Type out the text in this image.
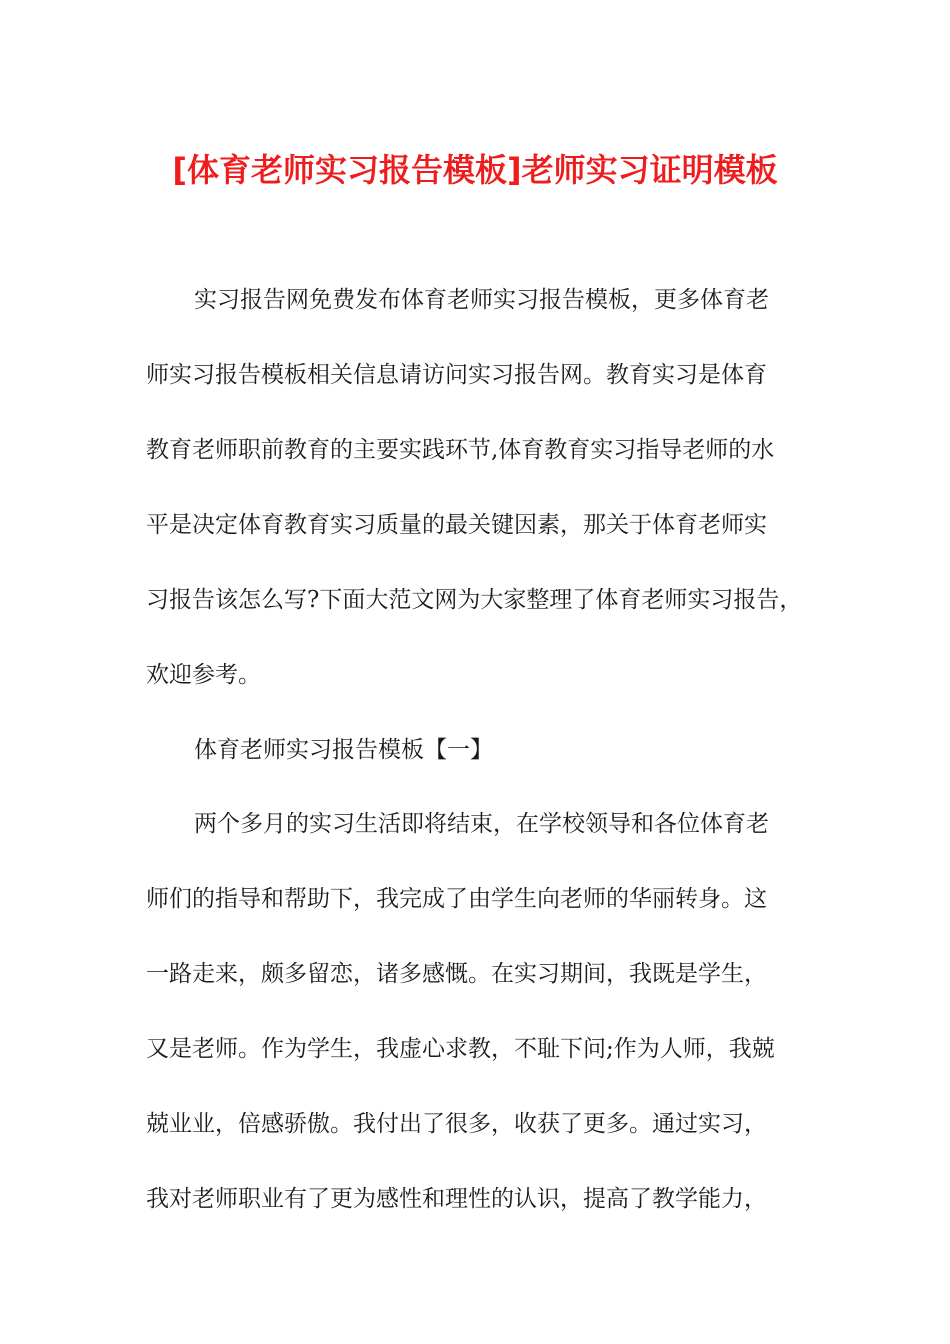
[体育老师实习报告模板]老师实习证明模板

实习报告网免费发布体育老师实习报告模板，更多体育老

师实习报告模板相关信息请访问实习报告网。教育实习是体育

教育老师职前教育的主要实践环节,体育教育实习指导老师的水

平是决定体育教育实习质量的最关键因素，那关于体育老师实

习报告该怎么写?下面大范文网为大家整理了体育老师实习报告，

欢迎参考。

体育老师实习报告模板【一】

两个多月的实习生活即将结束，在学校领导和各位体育老

师们的指导和帮助下，我完成了由学生向老师的华丽转身。这

一路走来，颇多留恋，诸多感慨。在实习期间，我既是学生，

又是老师。作为学生，我虚心求教，不耻下问;作为人师，我兢

兢业业，倍感骄傲。我付出了很多，收获了更多。通过实习，

我对老师职业有了更为感性和理性的认识，提高了教学能力，
